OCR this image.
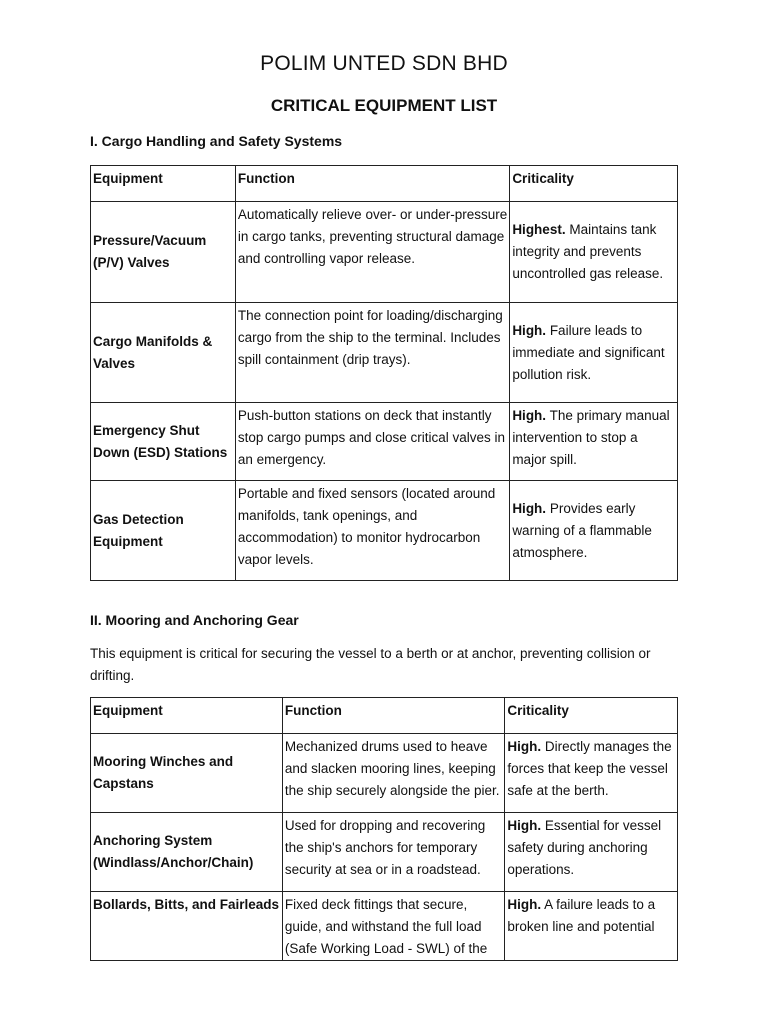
POLIM UNTED SDN BHD
CRITICAL EQUIPMENT LIST
I. Cargo Handling and Safety Systems
Equipment	Function	Criticality
Pressure/Vacuum (P/V) Valves	Automatically relieve over- or under-pressure in cargo tanks, preventing structural damage and controlling vapor release.	Highest. Maintains tank integrity and prevents uncontrolled gas release.
Cargo Manifolds & Valves	The connection point for loading/discharging cargo from the ship to the terminal. Includes spill containment (drip trays).	High. Failure leads to immediate and significant pollution risk.
Emergency Shut Down (ESD) Stations	Push-button stations on deck that instantly stop cargo pumps and close critical valves in an emergency.	High. The primary manual intervention to stop a major spill.
Gas Detection Equipment	Portable and fixed sensors (located around manifolds, tank openings, and accommodation) to monitor hydrocarbon vapor levels.	High. Provides early warning of a flammable atmosphere.
II. Mooring and Anchoring Gear
This equipment is critical for securing the vessel to a berth or at anchor, preventing collision or drifting.
Equipment	Function	Criticality
Mooring Winches and Capstans	Mechanized drums used to heave and slacken mooring lines, keeping the ship securely alongside the pier.	High. Directly manages the forces that keep the vessel safe at the berth.
Anchoring System (Windlass/Anchor/Chain)	Used for dropping and recovering the ship's anchors for temporary security at sea or in a roadstead.	High. Essential for vessel safety during anchoring operations.
Bollards, Bitts, and Fairleads	Fixed deck fittings that secure, guide, and withstand the full load (Safe Working Load - SWL) of the	High. A failure leads to a broken line and potential
